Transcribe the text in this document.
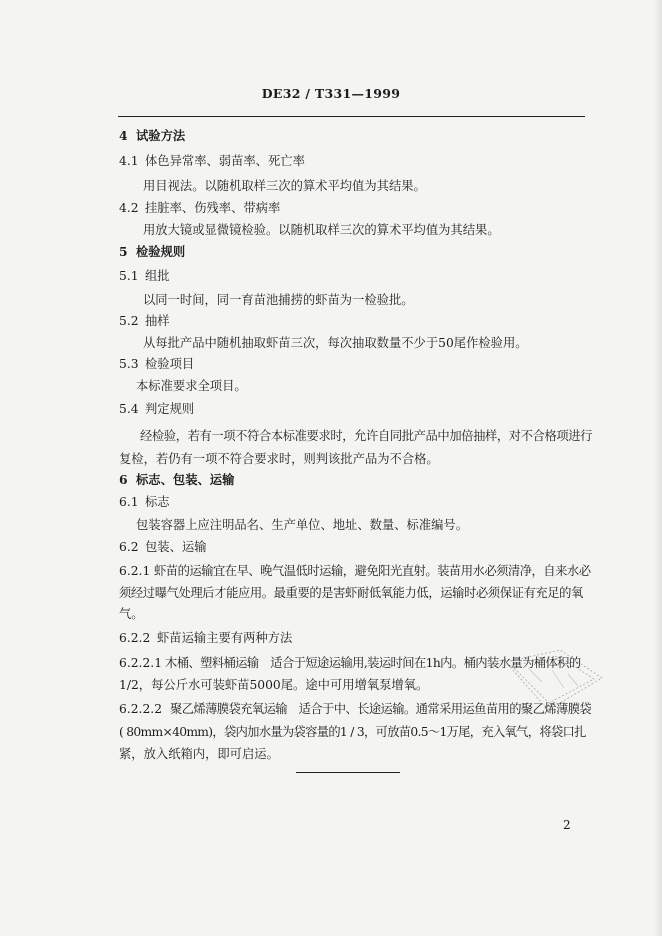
DE32 / T331—1999
4 试验方法
4.1 体色异常率、弱苗率、死亡率
用目视法。以随机取样三次的算术平均值为其结果。
4.2 挂脏率、伤残率、带病率
用放大镜或显微镜检验。以随机取样三次的算术平均值为其结果。
5 检验规则
5.1 组批
以同一时间，同一育苗池捕捞的虾苗为一检验批。
5.2 抽样
从每批产品中随机抽取虾苗三次，每次抽取数量不少于50尾作检验用。
5.3 检验项目
本标准要求全项目。
5.4 判定规则
经检验，若有一项不符合本标准要求时，允许自同批产品中加倍抽样，对不合格项进行
复检，若仍有一项不符合要求时，则判该批产品为不合格。
6 标志、包装、运输
6.1 标志
包装容器上应注明品名、生产单位、地址、数量、标准编号。
6.2 包装、运输
6.2.1 虾苗的运输宜在早、晚气温低时运输，避免阳光直射。装苗用水必须清净，自来水必
须经过曝气处理后才能应用。最重要的是害虾耐低氧能力低，运输时必须保证有充足的氧
气。
6.2.2 虾苗运输主要有两种方法
6.2.2.1 木桶、塑料桶运输　适合于短途运输用,装运时间在1h内。桶内装水量为桶体积的
1/2，每公斤水可装虾苗5000尾。途中可用增氧泵增氧。
6.2.2.2 聚乙烯薄膜袋充氧运输　适合于中、长途运输。通常采用运鱼苗用的聚乙烯薄膜袋
( 80mm×40mm)，袋内加水量为袋容量的1 / 3，可放苗0.5～1万尾，充入氧气，将袋口扎
紧，放入纸箱内，即可启运。
2
